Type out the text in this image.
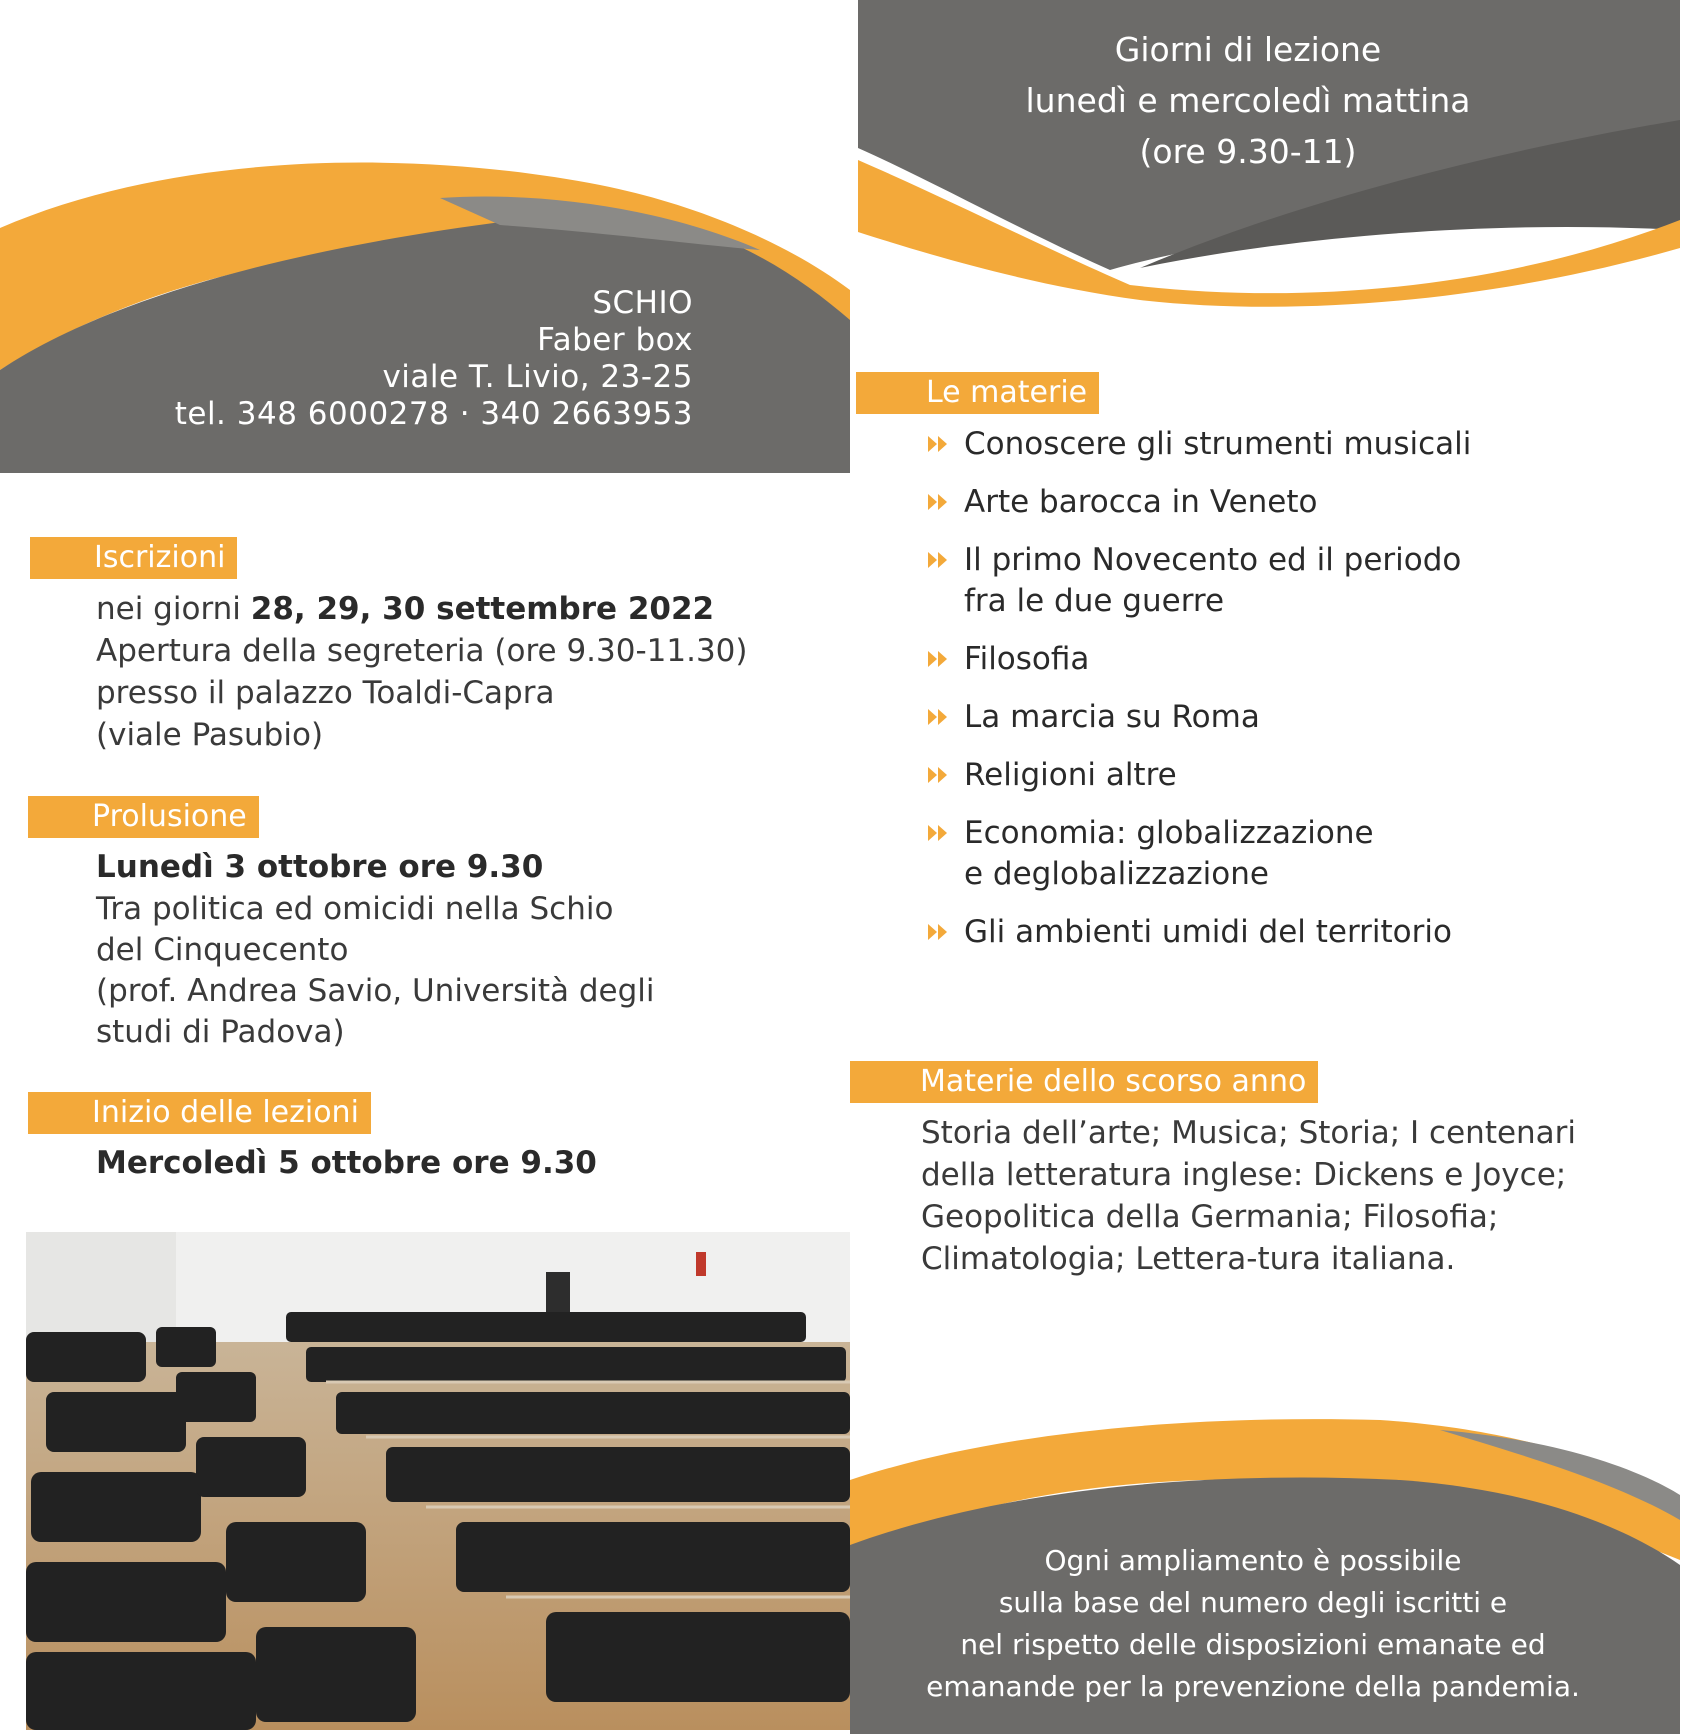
SCHIO
Faber box
viale T. Livio, 23-25
tel. 348 6000278 · 340 2663953
Giorni di lezione
lunedì e mercoledì mattina
(ore 9.30-11)
Iscrizioni
nei giorni 28, 29, 30 settembre 2022
Apertura della segreteria (ore 9.30-11.30)
presso il palazzo Toaldi-Capra
(viale Pasubio)
Prolusione
Lunedì 3 ottobre ore 9.30
Tra politica ed omicidi nella Schio
del Cinquecento
(prof. Andrea Savio, Università degli
studi di Padova)
Inizio delle lezioni
Mercoledì 5 ottobre ore 9.30
Le materie
Conoscere gli strumenti musicali
Arte barocca in Veneto
Il primo Novecento ed il periodo
fra le due guerre
Filosofia
La marcia su Roma
Religioni altre
Economia: globalizzazione
e deglobalizzazione
Gli ambienti umidi del territorio
Materie dello scorso anno
Storia dell’arte; Musica; Storia; I centenari
della letteratura inglese: Dickens e Joyce;
Geopolitica della Germania; Filosofia;
Climatologia; Lettera-tura italiana.
Ogni ampliamento è possibile
sulla base del numero degli iscritti e
nel rispetto delle disposizioni emanate ed
emanande per la prevenzione della pandemia.
